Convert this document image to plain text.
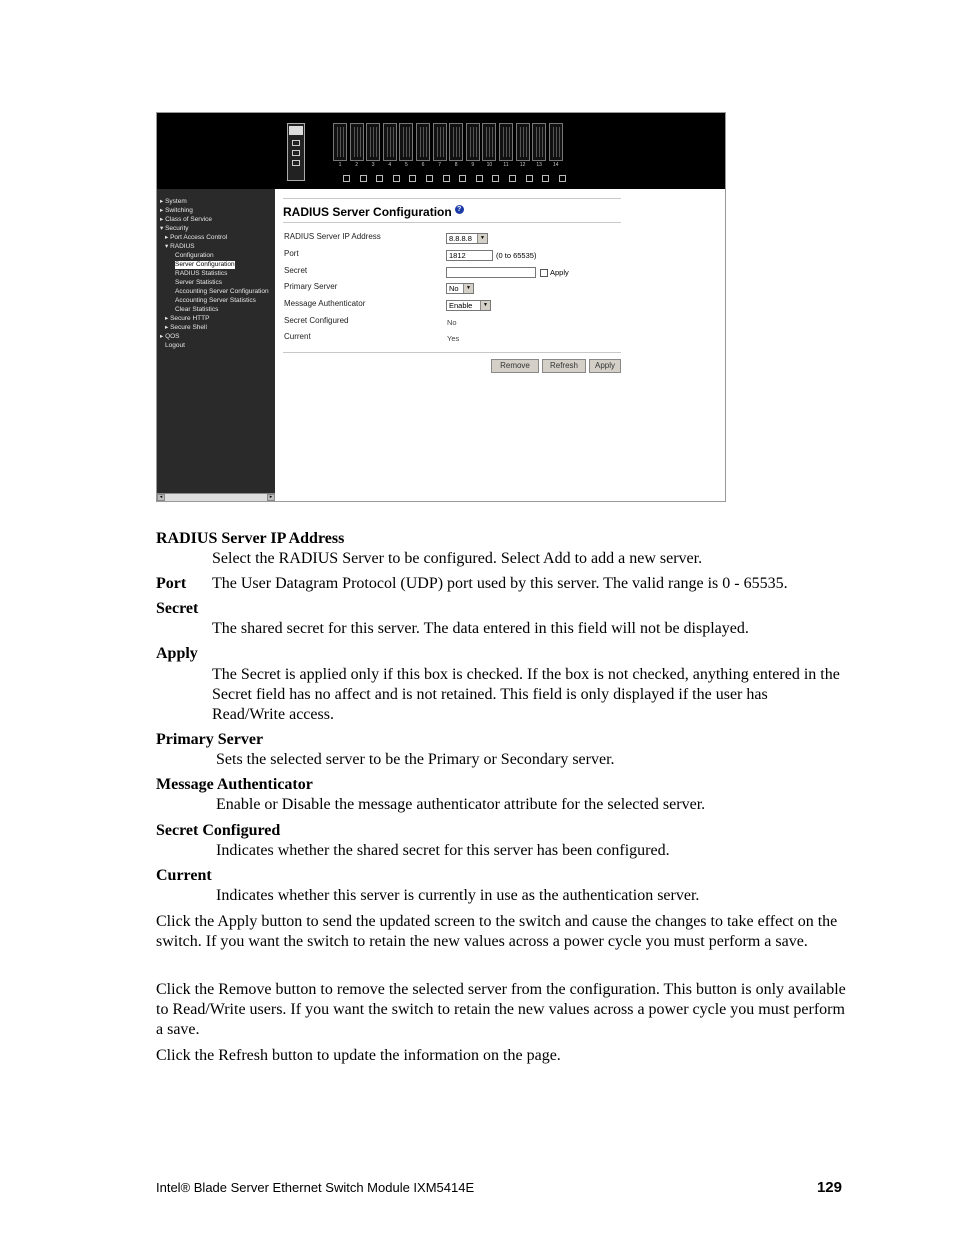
1	2	3	4	5	6	7	8	9	10	11	12	13	14
▸ System
▸ Switching
▸ Class of Service
▾ Security
▸ Port Access Control
▾ RADIUS
Configuration
Server Configuration
RADIUS Statistics
Server Statistics
Accounting Server Configuration
Accounting Server Statistics
Clear Statistics
▸ Secure HTTP
▸ Secure Shell
▸ QOS
Logout
◂	▸
RADIUS Server Configuration ?
RADIUS Server IP Address	8.8.8.8	▼
Port	1812	(0 to 65535)
Secret	Apply
Primary Server	No	▼
Message Authenticator	Enable	▼
Secret Configured	No
Current	Yes
Remove	Refresh	Apply
RADIUS Server IP Address
Select the RADIUS Server to be configured. Select Add to add a new server.
Port The User Datagram Protocol (UDP) port used by this server. The valid range is 0 - 65535.
Secret
The shared secret for this server. The data entered in this field will not be displayed.
Apply
The Secret is applied only if this box is checked. If the box is not checked, anything entered in the Secret field has no affect and is not retained. This field is only displayed if the user has Read/Write access.
Primary Server
Sets the selected server to be the Primary or Secondary server.
Message Authenticator
Enable or Disable the message authenticator attribute for the selected server.
Secret Configured
Indicates whether the shared secret for this server has been configured.
Current
Indicates whether this server is currently in use as the authentication server.
Click the Apply button to send the updated screen to the switch and cause the changes to take effect on the switch. If you want the switch to retain the new values across a power cycle you must perform a save.
Click the Remove button to remove the selected server from the configuration. This button is only available to Read/Write users. If you want the switch to retain the new values across a power cycle you must perform a save.
Click the Refresh button to update the information on the page.
Intel® Blade Server Ethernet Switch Module IXM5414E	129
